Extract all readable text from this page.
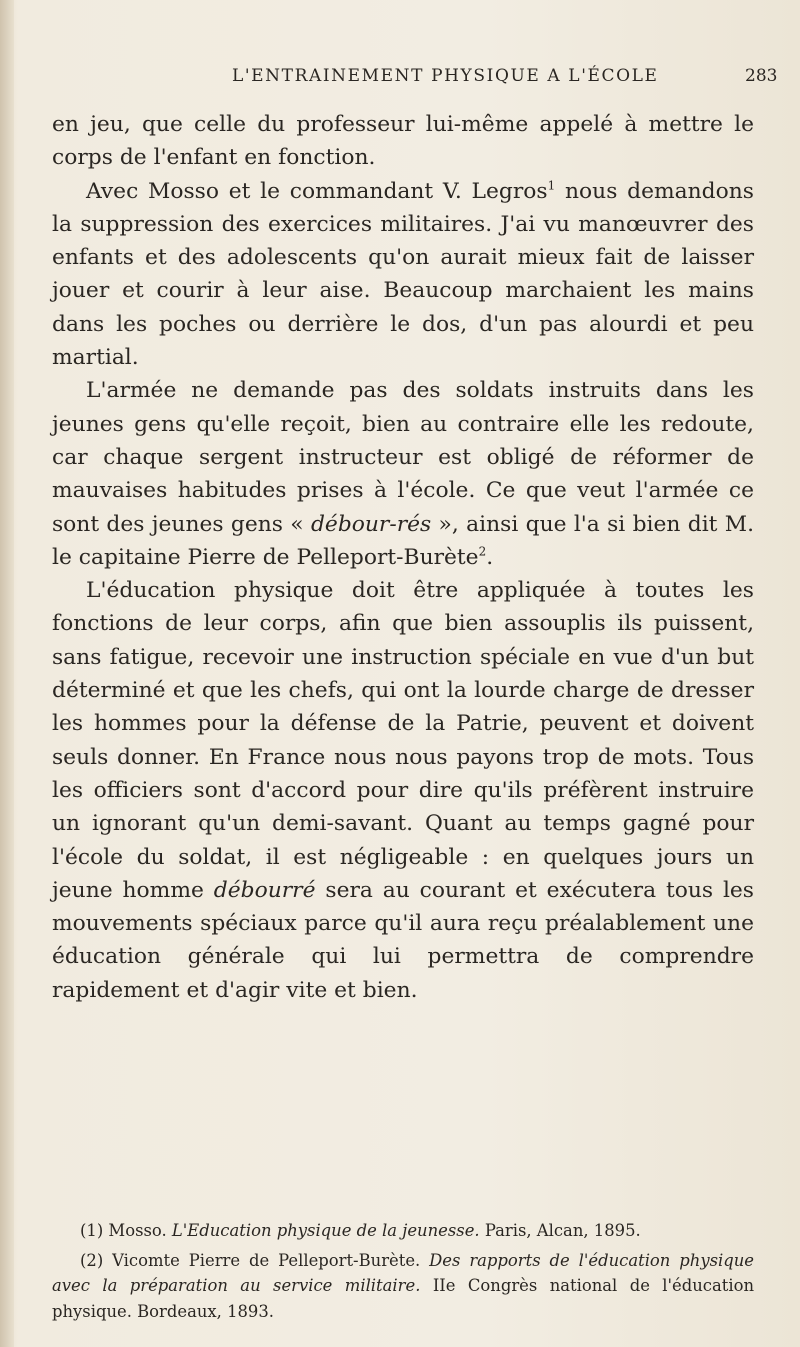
L'ENTRAINEMENT PHYSIQUE A L'ÉCOLE	283

en jeu, que celle du professeur lui-même appelé à mettre le corps de l'enfant en fonction.

Avec Mosso et le commandant V. Legros$^1$ nous demandons la suppression des exercices militaires. J'ai vu manœuvrer des enfants et des adolescents qu'on aurait mieux fait de laisser jouer et courir à leur aise. Beaucoup marchaient les mains dans les poches ou derrière le dos, d'un pas alourdi et peu martial.

L'armée ne demande pas des soldats instruits dans les jeunes gens qu'elle reçoit, bien au contraire elle les redoute, car chaque sergent instructeur est obligé de réformer de mauvaises habitudes prises à l'école. Ce que veut l'armée ce sont des jeunes gens « débour-rés », ainsi que l'a si bien dit M. le capitaine Pierre de Pelleport-Burète$^2$.

L'éducation physique doit être appliquée à toutes les fonctions de leur corps, afin que bien assouplis ils puissent, sans fatigue, recevoir une instruction spéciale en vue d'un but déterminé et que les chefs, qui ont la lourde charge de dresser les hommes pour la défense de la Patrie, peuvent et doivent seuls donner. En France nous nous payons trop de mots. Tous les officiers sont d'accord pour dire qu'ils préfèrent instruire un ignorant qu'un demi-savant. Quant au temps gagné pour l'école du soldat, il est négligeable : en quelques jours un jeune homme débourré sera au courant et exécutera tous les mouvements spéciaux parce qu'il aura reçu préalablement une éducation générale qui lui permettra de comprendre rapidement et d'agir vite et bien.

(1) Mosso. L'Education physique de la jeunesse. Paris, Alcan, 1895.

(2) Vicomte Pierre de Pelleport-Burète. Des rapports de l'éducation physique avec la préparation au service militaire. IIe Congrès national de l'éducation physique. Bordeaux, 1893.
